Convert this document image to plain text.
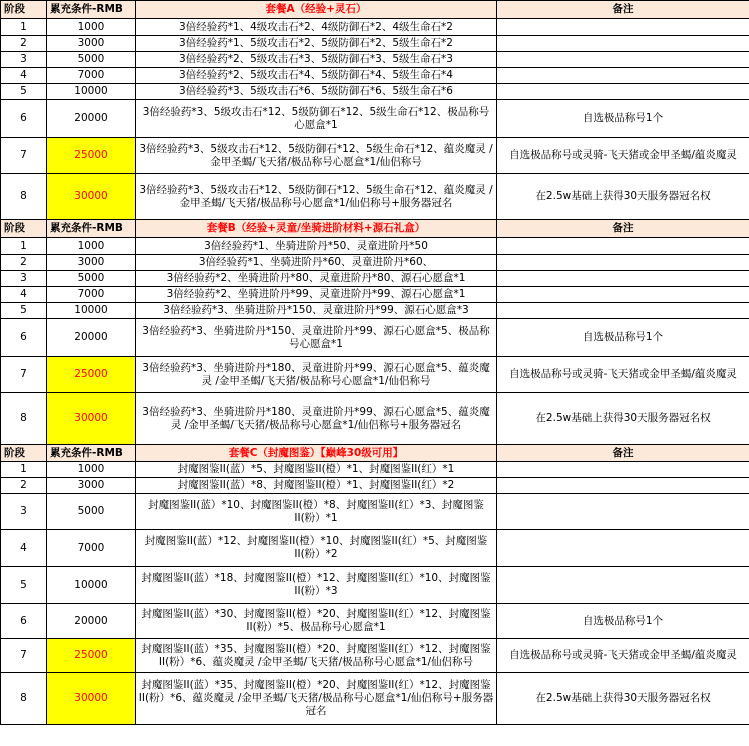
阶段	累充条件-RMB	套餐A（经验+灵石）	备注
1	1000	3倍经验药*1、4级攻击石*2、4级防御石*2、4级生命石*2	
2	3000	3倍经验药*1、5级攻击石*2、5级防御石*2、5级生命石*2	
3	5000	3倍经验药*2、5级攻击石*3、5级防御石*3、5级生命石*3	
4	7000	3倍经验药*2、5级攻击石*4、5级防御石*4、5级生命石*4	
5	10000	3倍经验药*3、5级攻击石*6、5级防御石*6、5级生命石*6	
6	20000	3倍经验药*3、5级攻击石*12、5级防御石*12、5级生命石*12、极品称号心愿盒*1	自选极品称号1个
7	25000	3倍经验药*3、5级攻击石*12、5级防御石*12、5级生命石*12、蕴炎魔灵 /金甲圣蝎/飞天猪/极品称号心愿盒*1/仙侣称号	自选极品称号或灵骑-飞天猪或金甲圣蝎/蕴炎魔灵
8	30000	3倍经验药*3、5级攻击石*12、5级防御石*12、5级生命石*12、蕴炎魔灵 /金甲圣蝎/飞天猪/极品称号心愿盒*1/仙侣称号+服务器冠名	在2.5w基础上获得30天服务器冠名权
阶段	累充条件-RMB	套餐B（经验+灵童/坐骑进阶材料+源石礼盒）	备注
1	1000	3倍经验药*1、坐骑进阶丹*50、灵童进阶丹*50	
2	3000	3倍经验药*1、坐骑进阶丹*60、灵童进阶丹*60、	
3	5000	3倍经验药*2、坐骑进阶丹*80、灵童进阶丹*80、源石心愿盒*1	
4	7000	3倍经验药*2、坐骑进阶丹*99、灵童进阶丹*99、源石心愿盒*1	
5	10000	3倍经验药*3、坐骑进阶丹*150、灵童进阶丹*99、源石心愿盒*3	
6	20000	3倍经验药*3、坐骑进阶丹*150、灵童进阶丹*99、源石心愿盒*5、极品称号心愿盒*1	自选极品称号1个
7	25000	3倍经验药*3、坐骑进阶丹*180、灵童进阶丹*99、源石心愿盒*5、蕴炎魔灵 /金甲圣蝎/飞天猪/极品称号心愿盒*1/仙侣称号	自选极品称号或灵骑-飞天猪或金甲圣蝎/蕴炎魔灵
8	30000	3倍经验药*3、坐骑进阶丹*180、灵童进阶丹*99、源石心愿盒*5、蕴炎魔灵 /金甲圣蝎/飞天猪/极品称号心愿盒*1/仙侣称号+服务器冠名	在2.5w基础上获得30天服务器冠名权
阶段	累充条件-RMB	套餐C（封魔图鉴）【巅峰30级可用】	备注
1	1000	封魔图鉴II(蓝）*5、封魔图鉴II(橙）*1、封魔图鉴II(红）*1	
2	3000	封魔图鉴II(蓝）*8、封魔图鉴II(橙）*1、封魔图鉴II(红）*2	
3	5000	封魔图鉴II(蓝）*10、封魔图鉴II(橙）*8、封魔图鉴II(红）*3、封魔图鉴II(粉）*1	
4	7000	封魔图鉴II(蓝）*12、封魔图鉴II(橙）*10、封魔图鉴II(红）*5、封魔图鉴II(粉）*2	
5	10000	封魔图鉴II(蓝）*18、封魔图鉴II(橙）*12、封魔图鉴II(红）*10、封魔图鉴II(粉）*3	
6	20000	封魔图鉴II(蓝）*30、封魔图鉴II(橙）*20、封魔图鉴II(红）*12、封魔图鉴II(粉）*5、极品称号心愿盒*1	自选极品称号1个
7	25000	封魔图鉴II(蓝）*35、封魔图鉴II(橙）*20、封魔图鉴II(红）*12、封魔图鉴II(粉）*6、蕴炎魔灵 /金甲圣蝎/飞天猪/极品称号心愿盒*1/仙侣称号	自选极品称号或灵骑-飞天猪或金甲圣蝎/蕴炎魔灵
8	30000	封魔图鉴II(蓝）*35、封魔图鉴II(橙）*20、封魔图鉴II(红）*12、封魔图鉴II(粉）*6、蕴炎魔灵 /金甲圣蝎/飞天猪/极品称号心愿盒*1/仙侣称号+服务器冠名	在2.5w基础上获得30天服务器冠名权
